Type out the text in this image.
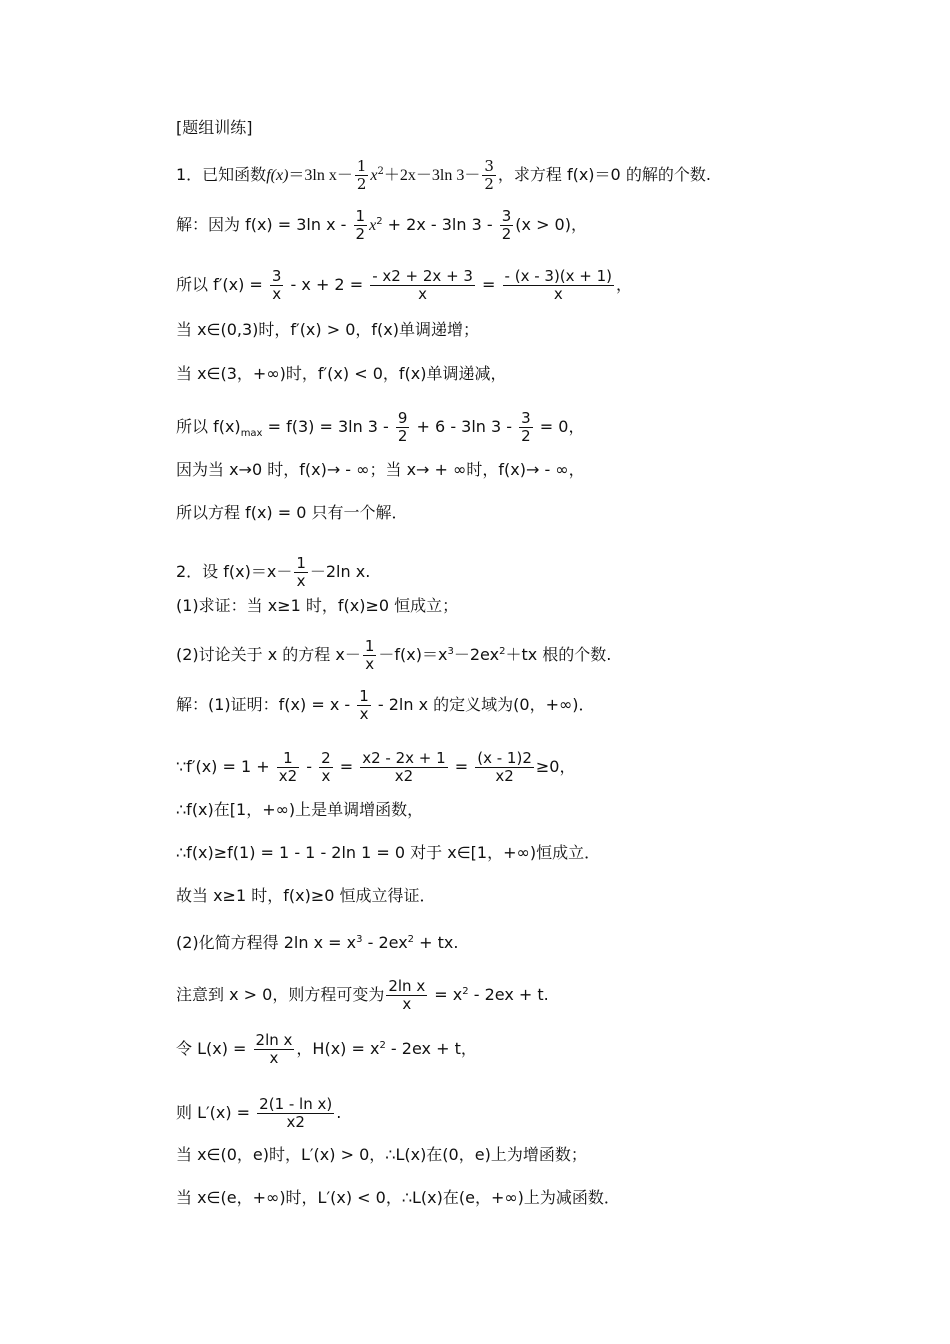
[题组训练]
1．已知函数f(x)＝3ln $x- \frac{1}{2} x^2+2x-3\ln$ $3- \frac{3}{2}$ ，求方程 f(x)＝0 的解的个数.
解：因为 f(x) = 3ln $x - \frac{1}{2} x^2 + 2x - 3\ln$ $3 - \frac{3}{2} (x > 0)$，
所以 $f'(x) = \frac{3}{x} - x + 2 = \frac{- x2 + 2x + 3}{x} = \frac{- (x - 3)(x + 1)}{x}$ ，
当 x∈(0,3)时，f′(x) > 0，f(x)单调递增；
当 x∈(3，+∞)时，f′(x) < 0，f(x)单调递减，
所以 $f(x)_{max} = f(3) = 3\ln$ $3 - \frac{9}{2} + 6 - 3\ln$ $3 - \frac{3}{2} = 0$，
因为当 x→0 时，f(x)→ - ∞；当 x→ + ∞时，f(x)→ - ∞，
所以方程 f(x) = 0 只有一个解．
2．设 $f(x)=x- \frac{1}{x} -2\ln$ x.
(1)求证：当 x≥1 时，f(x)≥0 恒成立；
(2)讨论关于 x 的方程 $x- \frac{1}{x} -f(x)=x^3-2ex^2+tx$ 根的个数.
解：(1)证明：$f(x) = x - \frac{1}{x} - 2\ln$ x 的定义域为(0，+∞)．
∵f′(x) = $1 + \frac{1}{x2} - \frac{2}{x} = \frac{x2 - 2x + 1}{x2} = \frac{(x - 1)2}{x2} \ge 0$，
∴f(x)在[1，+∞)上是单调增函数，
∴f(x)≥f(1) = 1 - 1 - 2ln 1 = 0 对于 x∈[1，+∞)恒成立．
故当 x≥1 时，f(x)≥0 恒成立得证．
(2)化简方程得 2ln $x = x^3 - 2ex^2$ + tx.
注意到 x > 0，则方程可变为 $\frac{\text{2ln x}}{x} = x^2 - 2ex + t$.
令 $L(x) = \frac{\text{2ln x}}{x}$ ，$H(x) = x^2 - 2ex + t$，
则 $L'(x) = \frac{\text{2(1 - ln x)}}{x2}$ .
当 x∈(0，e)时，L′(x) > 0，∴L(x)在(0，e)上为增函数；
当 x∈(e，+∞)时，L′(x) < 0，∴L(x)在(e，+∞)上为减函数．
